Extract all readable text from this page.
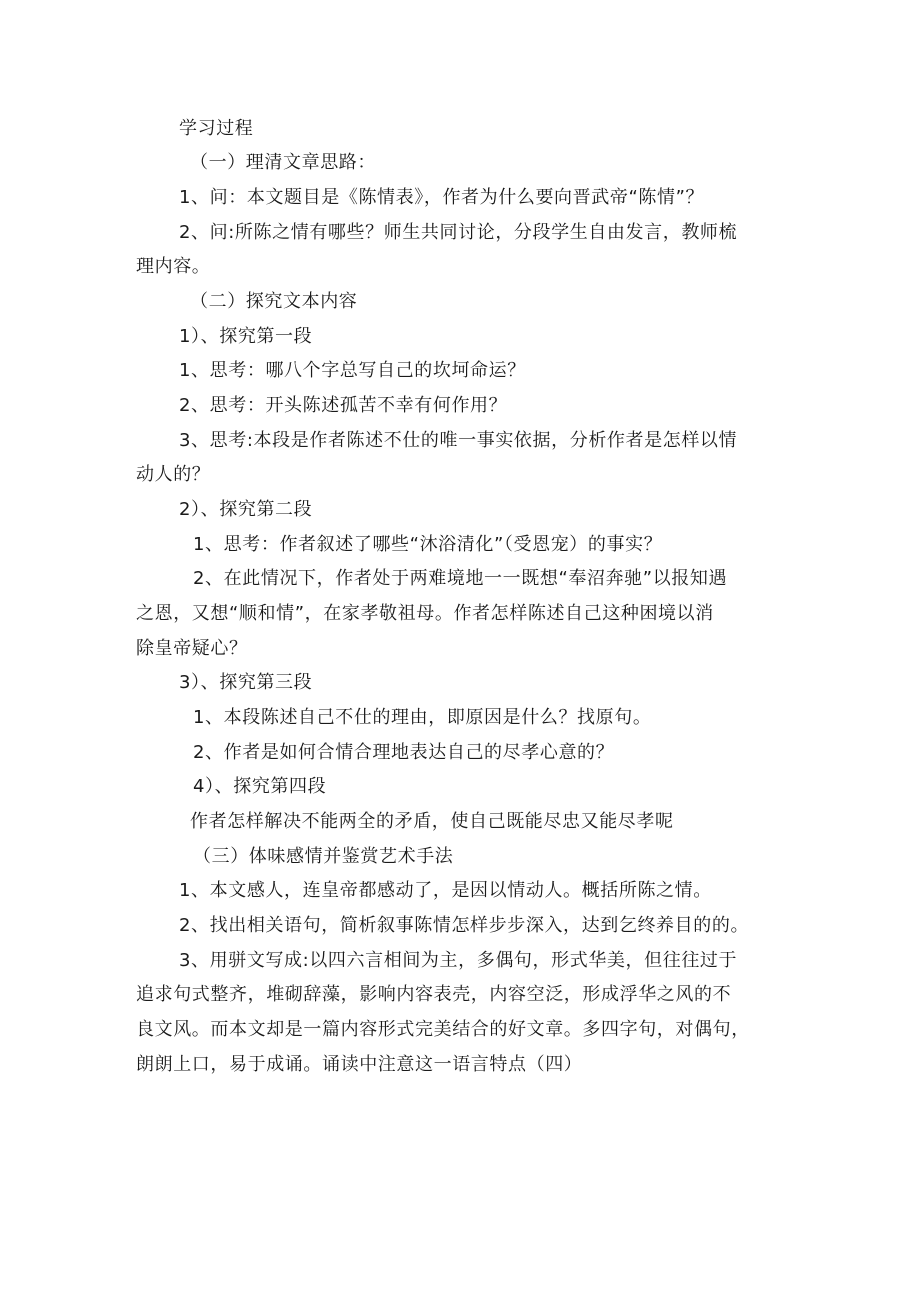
学习过程
（一）理清文章思路：
1、问：本文题目是《陈情表》，作者为什么要向晋武帝“陈情”？
2、问:所陈之情有哪些？师生共同讨论，分段学生自由发言，教师梳
理内容。
（二）探究文本内容
1）、探究第一段
1、思考：哪八个字总写自己的坎坷命运？
2、思考：开头陈述孤苦不幸有何作用？
3、思考:本段是作者陈述不仕的唯一事实依据，分析作者是怎样以情
动人的？
2）、探究第二段
1、思考：作者叙述了哪些“沐浴清化”（受恩宠）的事实？
2、在此情况下，作者处于两难境地一一既想“奉沼奔驰”以报知遇
之恩，又想“顺和情”，在家孝敬祖母。作者怎样陈述自己这种困境以消
除皇帝疑心？
3）、探究第三段
1、本段陈述自己不仕的理由，即原因是什么？找原句。
2、作者是如何合情合理地表达自己的尽孝心意的？
4）、探究第四段
作者怎样解决不能两全的矛盾，使自己既能尽忠又能尽孝呢
（三）体味感情并鉴赏艺术手法
1、本文感人，连皇帝都感动了，是因以情动人。概括所陈之情。
2、找出相关语句，简析叙事陈情怎样步步深入，达到乞终养目的的。
3、用骈文写成:以四六言相间为主，多偶句，形式华美，但往往过于
追求句式整齐，堆砌辞藻，影响内容表壳，内容空泛，形成浮华之风的不
良文风。而本文却是一篇内容形式完美结合的好文章。多四字句，对偶句，
朗朗上口，易于成诵。诵读中注意这一语言特点（四）
